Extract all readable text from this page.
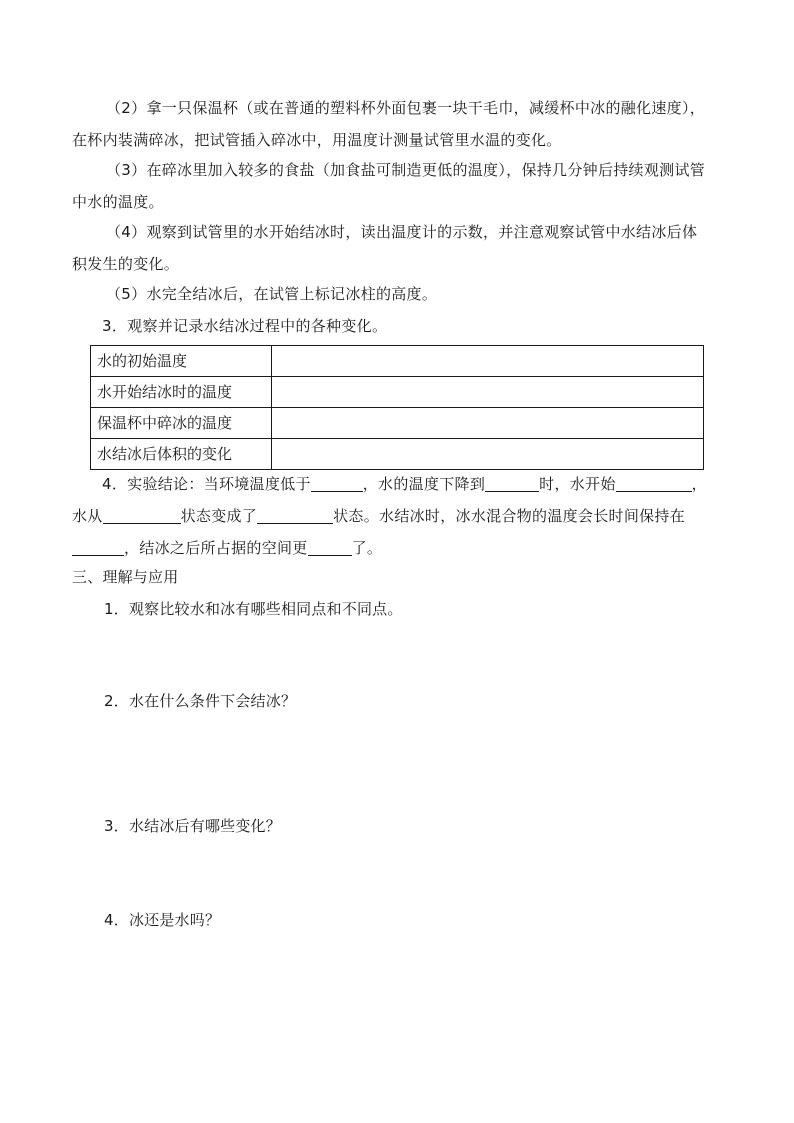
（2）拿一只保温杯（或在普通的塑料杯外面包裹一块干毛巾，减缓杯中冰的融化速度），
在杯内装满碎冰，把试管插入碎冰中，用温度计测量试管里水温的变化。
（3）在碎冰里加入较多的食盐（加食盐可制造更低的温度），保持几分钟后持续观测试管
中水的温度。
（4）观察到试管里的水开始结冰时，读出温度计的示数，并注意观察试管中水结冰后体
积发生的变化。
（5）水完全结冰后，在试管上标记冰柱的高度。
3．观察并记录水结冰过程中的各种变化。
水的初始温度	
水开始结冰时的温度	
保温杯中碎冰的温度	
水结冰后体积的变化	
4．实验结论：当环境温度低于	，水的温度下降到	时，水开始	，
水从	状态变成了	状态。水结冰时，冰水混合物的温度会长时间保持在
，结冰之后所占据的空间更	了。
三、理解与应用
1．观察比较水和冰有哪些相同点和不同点。
2．水在什么条件下会结冰？
3．水结冰后有哪些变化？
4．冰还是水吗？
